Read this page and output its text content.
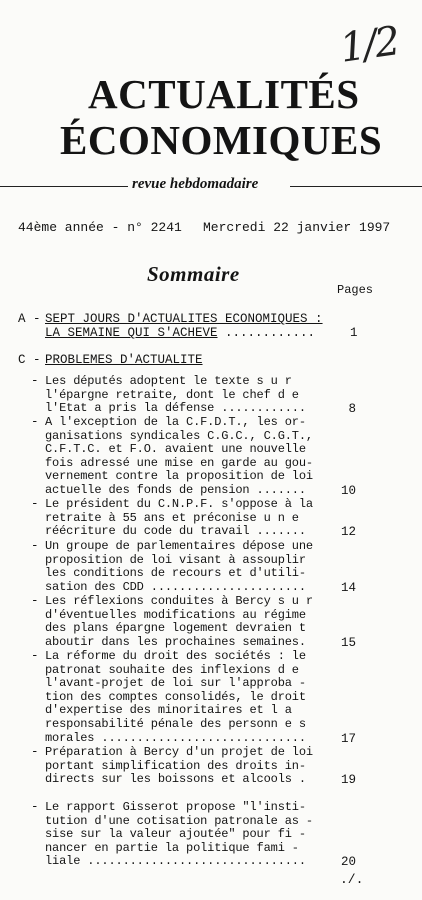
1/2
ACTUALITÉS
ÉCONOMIQUES
revue hebdomadaire
44ème année - n° 2241 Mercredi 22 janvier 1997
Sommaire
Pages
A - SEPT JOURS D'ACTUALITES ECONOMIQUES :
LA SEMAINE QUI S'ACHEVE ............	1
C - PROBLEMES D'ACTUALITE
- Les députés adoptent le texte s u r
l'épargne retraite, dont le chef d e
l'Etat a pris la défense ............	8
- A l'exception de la C.F.D.T., les or-
ganisations syndicales C.G.C., C.G.T.,
C.F.T.C. et F.O. avaient une nouvelle
fois adressé une mise en garde au gou-
vernement contre la proposition de loi
actuelle des fonds de pension .......	10
- Le président du C.N.P.F. s'oppose à la
retraite à 55 ans et préconise u n e
réécriture du code du travail .......	12
- Un groupe de parlementaires dépose une
proposition de loi visant à assouplir
les conditions de recours et d'utili-
sation des CDD ......................	14
- Les réflexions conduites à Bercy s u r
d'éventuelles modifications au régime
des plans épargne logement devraien t
aboutir dans les prochaines semaines.	15
- La réforme du droit des sociétés : le
patronat souhaite des inflexions d e
l'avant-projet de loi sur l'approba -
tion des comptes consolidés, le droit
d'expertise des minoritaires et l a
responsabilité pénale des personn e s
morales .............................	17
- Préparation à Bercy d'un projet de loi
portant simplification des droits in-
directs sur les boissons et alcools .	19
- Le rapport Gisserot propose "l'insti-
tution d'une cotisation patronale as -
sise sur la valeur ajoutée" pour fi -
nancer en partie la politique fami -
liale ...............................	20
./.
